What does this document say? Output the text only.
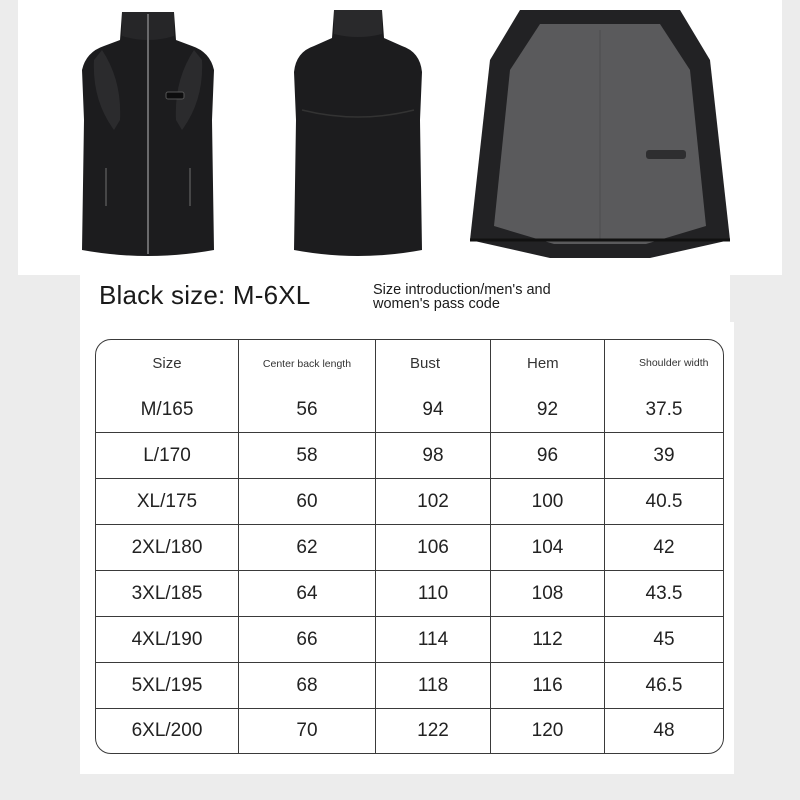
Black size: M-6XL	Size introduction/men's and women's pass code
Size	Center back length	Bust	Hem	Shoulder width
M/165	56	94	92	37.5
L/170	58	98	96	39
XL/175	60	102	100	40.5
2XL/180	62	106	104	42
3XL/185	64	110	108	43.5
4XL/190	66	114	112	45
5XL/195	68	118	116	46.5
6XL/200	70	122	120	48
